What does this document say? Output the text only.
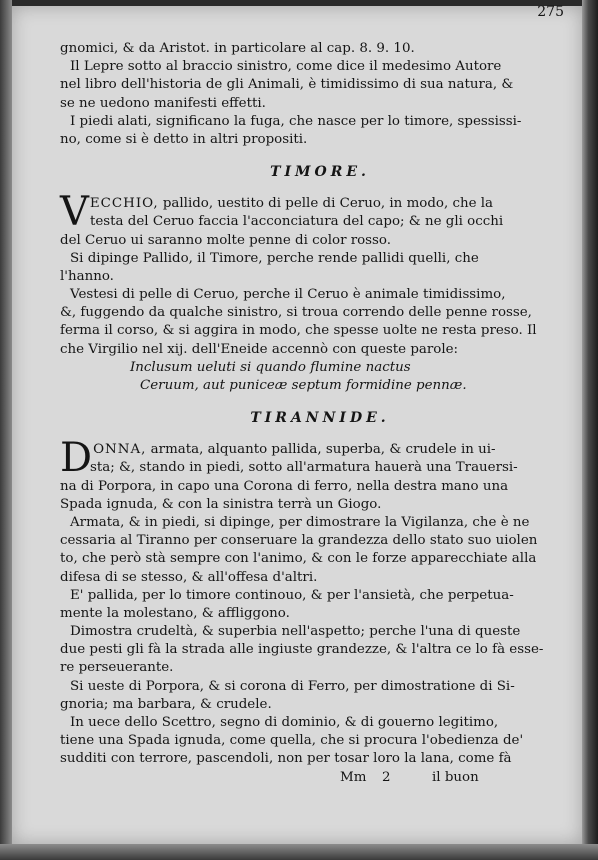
275
gnomici, & da Aristot. in particolare al cap. 8. 9. 10.
Il Lepre sotto al braccio sinistro, come dice il medesimo Autore
nel libro dell'historia de gli Animali, è timidissimo di sua natura, &
se ne uedono manifesti effetti.
I piedi alati, significano la fuga, che nasce per lo timore, spessissi-
no, come si è detto in altri propositi.
TIMORE.
VECCHIO, pallido, uestito di pelle di Ceruo, in modo, che la
testa del Ceruo faccia l'acconciatura del capo; & ne gli occhi
del Ceruo ui saranno molte penne di color rosso.
Si dipinge Pallido, il Timore, perche rende pallidi quelli, che
l'hanno.
Vestesi di pelle di Ceruo, perche il Ceruo è animale timidissimo,
&, fuggendo da qualche sinistro, si troua correndo delle penne rosse,
ferma il corso, & si aggira in modo, che spesse uolte ne resta preso. Il
che Virgilio nel xij. dell'Eneide accennò con queste parole:
Inclusum ueluti si quando flumine nactus
Ceruum, aut puniceæ septum formidine pennæ.
TIRANNIDE.
DONNA, armata, alquanto pallida, superba, & crudele in ui-
sta; &, stando in piedi, sotto all'armatura hauerà una Trauersi-
na di Porpora, in capo una Corona di ferro, nella destra mano una
Spada ignuda, & con la sinistra terrà un Giogo.
Armata, & in piedi, si dipinge, per dimostrare la Vigilanza, che è ne
cessaria al Tiranno per conseruare la grandezza dello stato suo uiolen
to, che però stà sempre con l'animo, & con le forze apparecchiate alla
difesa di se stesso, & all'offesa d'altri.
E' pallida, per lo timore continouo, & per l'ansietà, che perpetua-
mente la molestano, & affliggono.
Dimostra crudeltà, & superbia nell'aspetto; perche l'una di queste
due pesti gli fà la strada alle ingiuste grandezze, & l'altra ce lo fà esse-
re perseuerante.
Si ueste di Porpora, & si corona di Ferro, per dimostratione di Si-
gnoria; ma barbara, & crudele.
In uece dello Scettro, segno di dominio, & di gouerno legitimo,
tiene una Spada ignuda, come quella, che si procura l'obedienza de'
sudditi con terrore, pascendoli, non per tosar loro la lana, come fà
Mm 2	il buon
